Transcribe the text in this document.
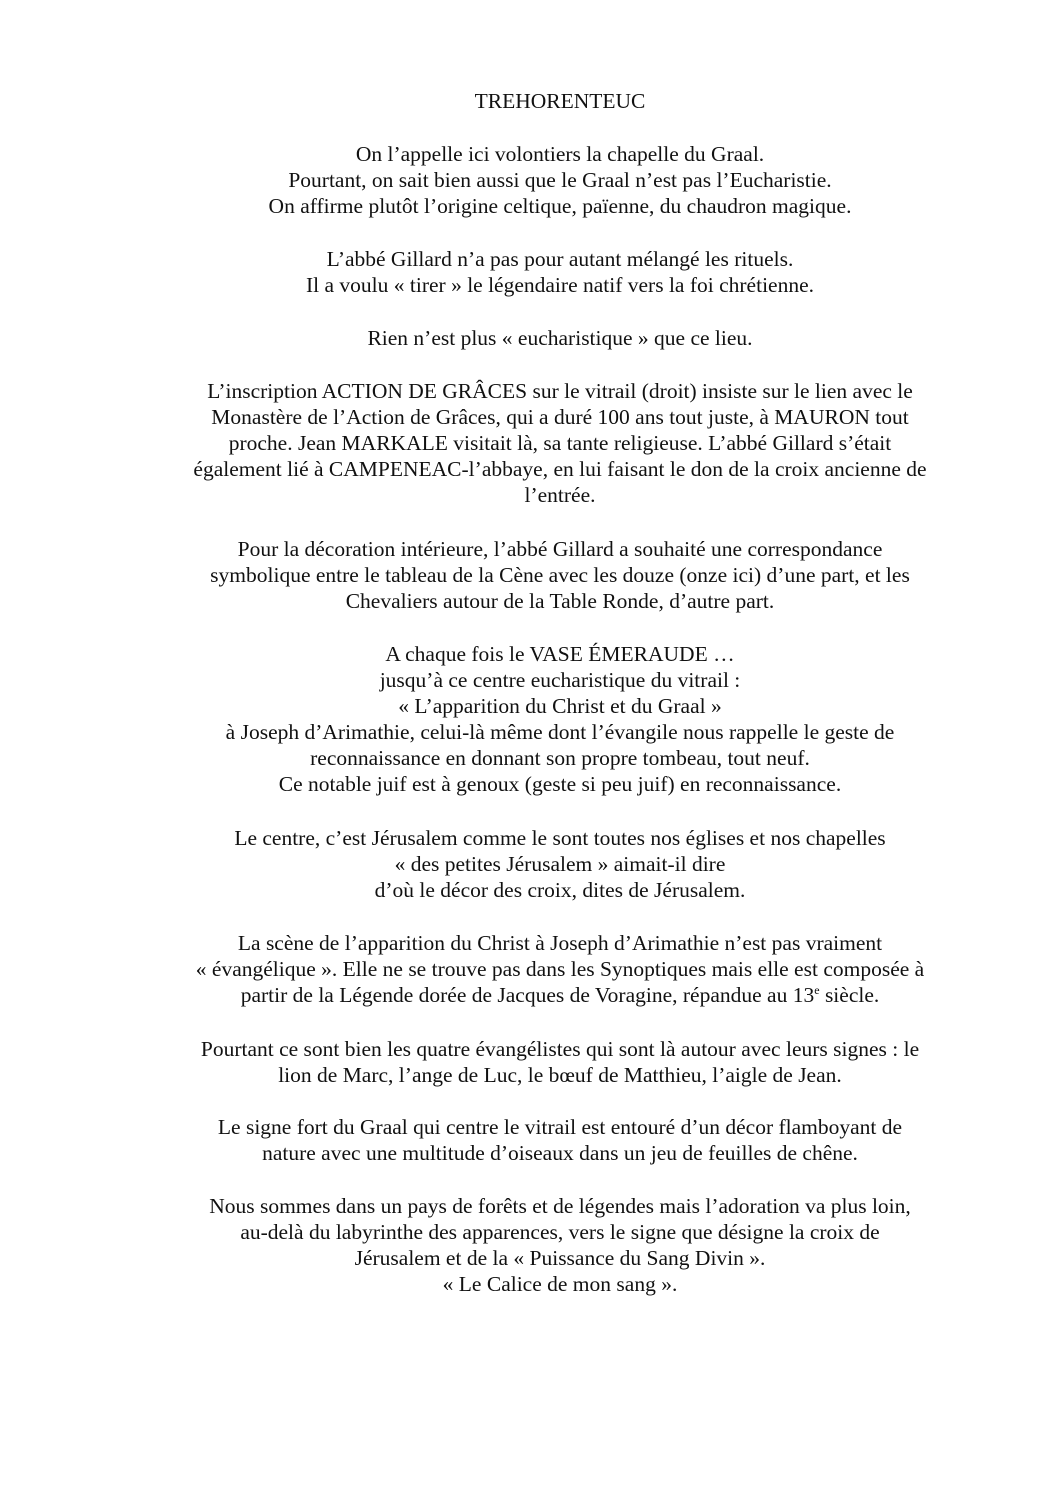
TREHORENTEUC
On l’appelle ici volontiers la chapelle du Graal.
Pourtant, on sait bien aussi que le Graal n’est pas l’Eucharistie.
On affirme plutôt l’origine celtique, païenne, du chaudron magique.
L’abbé Gillard n’a pas pour autant mélangé les rituels.
Il a voulu « tirer » le légendaire natif vers la foi chrétienne.
Rien n’est plus « eucharistique » que ce lieu.
L’inscription ACTION DE GRÂCES sur le vitrail (droit) insiste sur le lien avec le
Monastère de l’Action de Grâces, qui a duré 100 ans tout juste, à MAURON tout
proche. Jean MARKALE visitait là, sa tante religieuse. L’abbé Gillard s’était
également lié à CAMPENEAC-l’abbaye, en lui faisant le don de la croix ancienne de
l’entrée.
Pour la décoration intérieure, l’abbé Gillard a souhaité une correspondance
symbolique entre le tableau de la Cène avec les douze (onze ici) d’une part, et les
Chevaliers autour de la Table Ronde, d’autre part.
A chaque fois le VASE ÉMERAUDE …
jusqu’à ce centre eucharistique du vitrail :
« L’apparition du Christ et du Graal »
à Joseph d’Arimathie, celui-là même dont l’évangile nous rappelle le geste de
reconnaissance en donnant son propre tombeau, tout neuf.
Ce notable juif est à genoux (geste si peu juif) en reconnaissance.
Le centre, c’est Jérusalem comme le sont toutes nos églises et nos chapelles
« des petites Jérusalem » aimait-il dire
d’où le décor des croix, dites de Jérusalem.
La scène de l’apparition du Christ à Joseph d’Arimathie n’est pas vraiment
« évangélique ». Elle ne se trouve pas dans les Synoptiques mais elle est composée à
partir de la Légende dorée de Jacques de Voragine, répandue au 13e siècle.
Pourtant ce sont bien les quatre évangélistes qui sont là autour avec leurs signes : le
lion de Marc, l’ange de Luc, le bœuf de Matthieu, l’aigle de Jean.
Le signe fort du Graal qui centre le vitrail est entouré d’un décor flamboyant de
nature avec une multitude d’oiseaux dans un jeu de feuilles de chêne.
Nous sommes dans un pays de forêts et de légendes mais l’adoration va plus loin,
au-delà du labyrinthe des apparences, vers le signe que désigne la croix de
Jérusalem et de la « Puissance du Sang Divin ».
« Le Calice de mon sang ».
